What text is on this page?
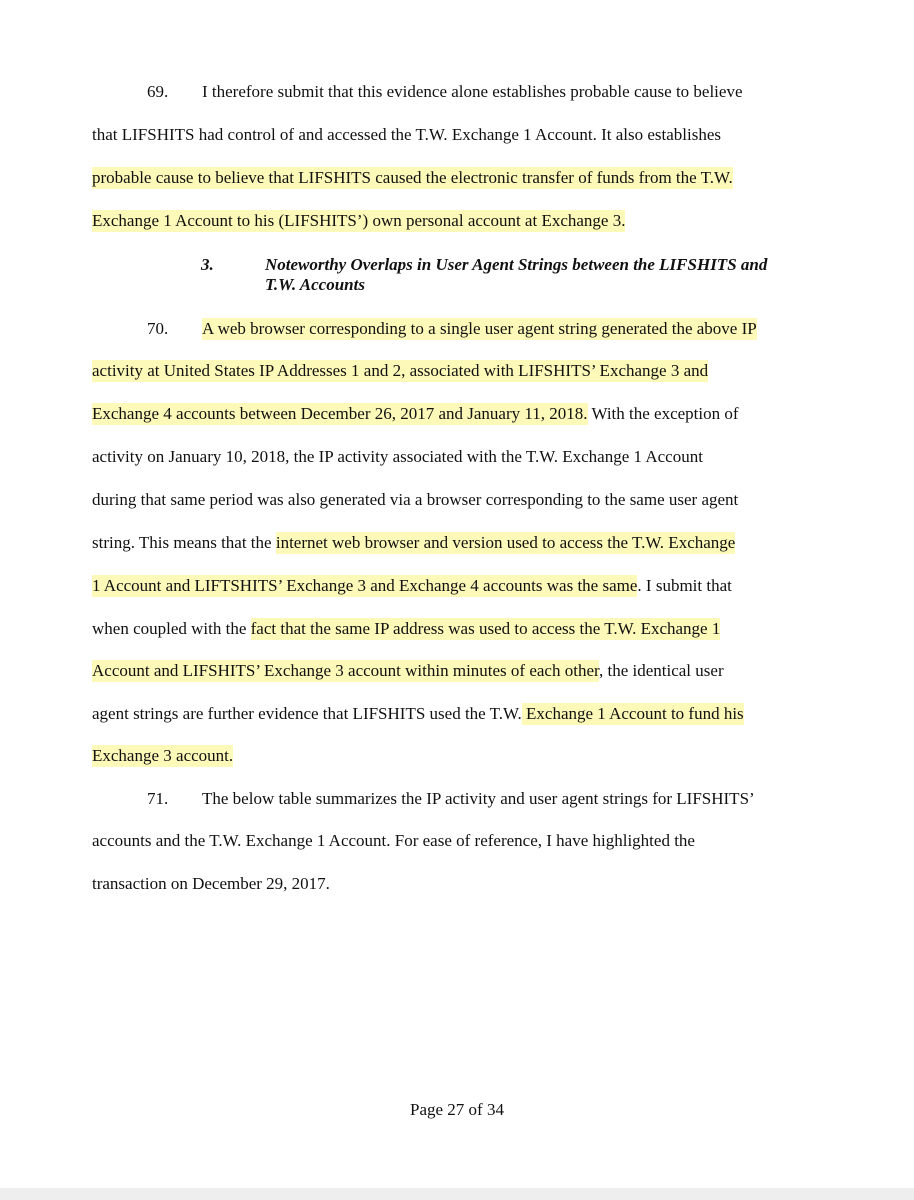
69. I therefore submit that this evidence alone establishes probable cause to believe
that LIFSHITS had control of and accessed the T.W. Exchange 1 Account. It also establishes
probable cause to believe that LIFSHITS caused the electronic transfer of funds from the T.W.
Exchange 1 Account to his (LIFSHITS’) own personal account at Exchange 3.
3.	Noteworthy Overlaps in User Agent Strings between the LIFSHITS and
T.W. Accounts
70. A web browser corresponding to a single user agent string generated the above IP
activity at United States IP Addresses 1 and 2, associated with LIFSHITS’ Exchange 3 and
Exchange 4 accounts between December 26, 2017 and January 11, 2018. With the exception of
activity on January 10, 2018, the IP activity associated with the T.W. Exchange 1 Account
during that same period was also generated via a browser corresponding to the same user agent
string. This means that the internet web browser and version used to access the T.W. Exchange
1 Account and LIFTSHITS’ Exchange 3 and Exchange 4 accounts was the same. I submit that
when coupled with the fact that the same IP address was used to access the T.W. Exchange 1
Account and LIFSHITS’ Exchange 3 account within minutes of each other, the identical user
agent strings are further evidence that LIFSHITS used the T.W. Exchange 1 Account to fund his
Exchange 3 account.
71. The below table summarizes the IP activity and user agent strings for LIFSHITS’
accounts and the T.W. Exchange 1 Account. For ease of reference, I have highlighted the
transaction on December 29, 2017.
Page 27 of 34
